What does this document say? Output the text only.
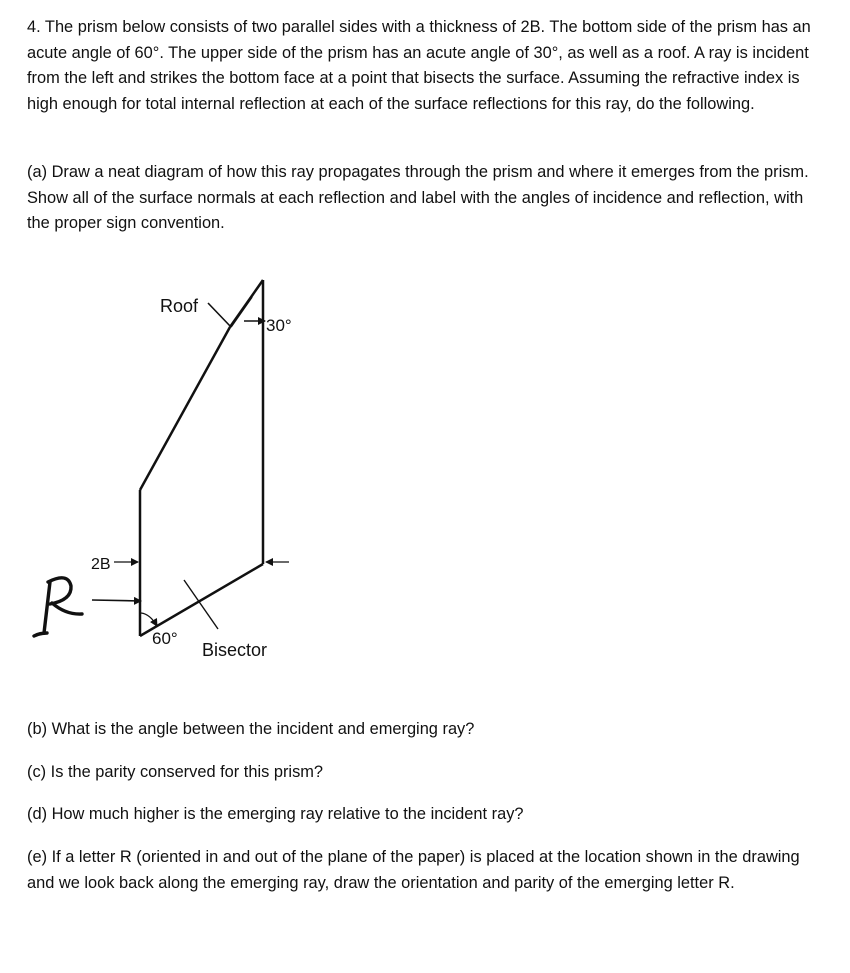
4. The prism below consists of two parallel sides with a thickness of 2B. The bottom side of the prism has an acute angle of 60°. The upper side of the prism has an acute angle of 30°, as well as a roof. A ray is incident from the left and strikes the bottom face at a point that bisects the surface. Assuming the refractive index is high enough for total internal reflection at each of the surface reflections for this ray, do the following.

(a) Draw a neat diagram of how this ray propagates through the prism and where it emerges from the prism. Show all of the surface normals at each reflection and label with the angles of incidence and reflection, with the proper sign convention.

Roof
30°
2B
60°
Bisector

(b) What is the angle between the incident and emerging ray?

(c) Is the parity conserved for this prism?

(d) How much higher is the emerging ray relative to the incident ray?

(e) If a letter R (oriented in and out of the plane of the paper) is placed at the location shown in the drawing and we look back along the emerging ray, draw the orientation and parity of the emerging letter R.
